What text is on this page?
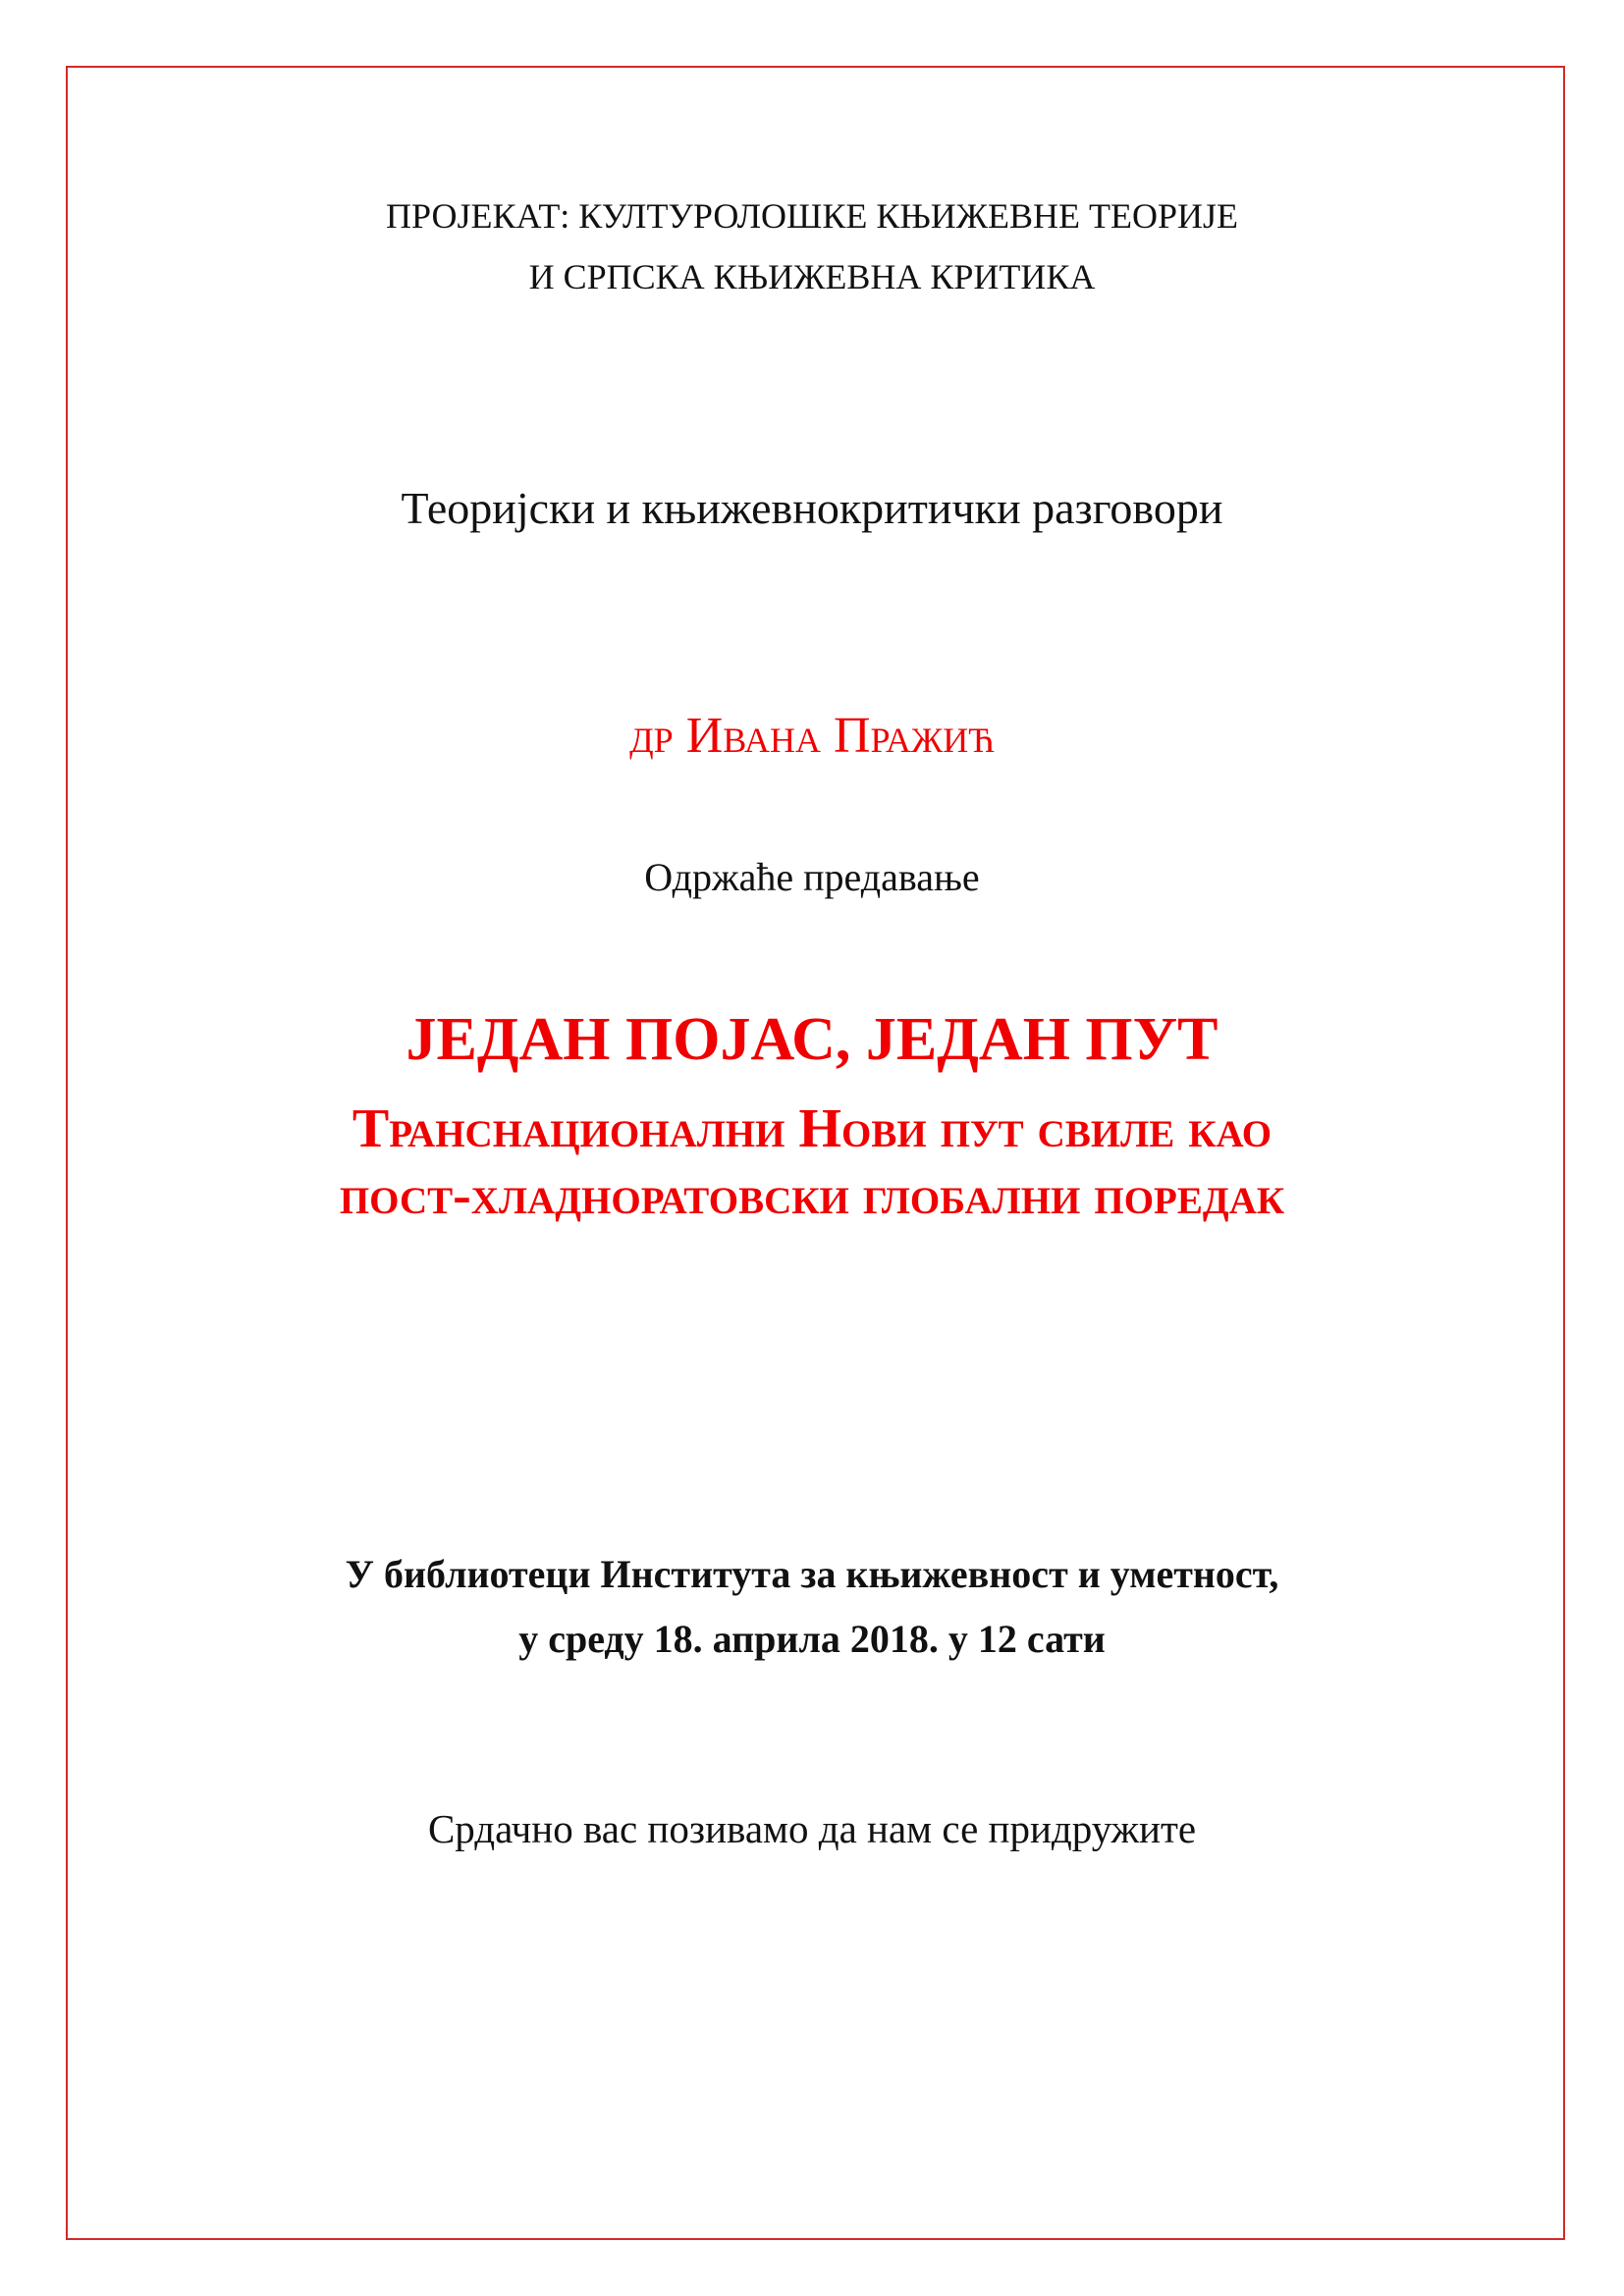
ПРОЈЕКАТ: КУЛТУРОЛОШКЕ КЊИЖЕВНЕ ТЕОРИЈЕ
И СРПСКА КЊИЖЕВНА КРИТИКА
Теоријски и књижевнокритички разговори
др Ивана Пражић
Одржаће предавање
ЈЕДАН ПОЈАС, ЈЕДАН ПУТ
Транснационални Нови пут свиле као
пост-хладноратовски глобални поредак
У библиотеци Института за књижевност и уметност,
у среду 18. априла 2018. у 12 сати
Срдачно вас позивамо да нам се придружите
